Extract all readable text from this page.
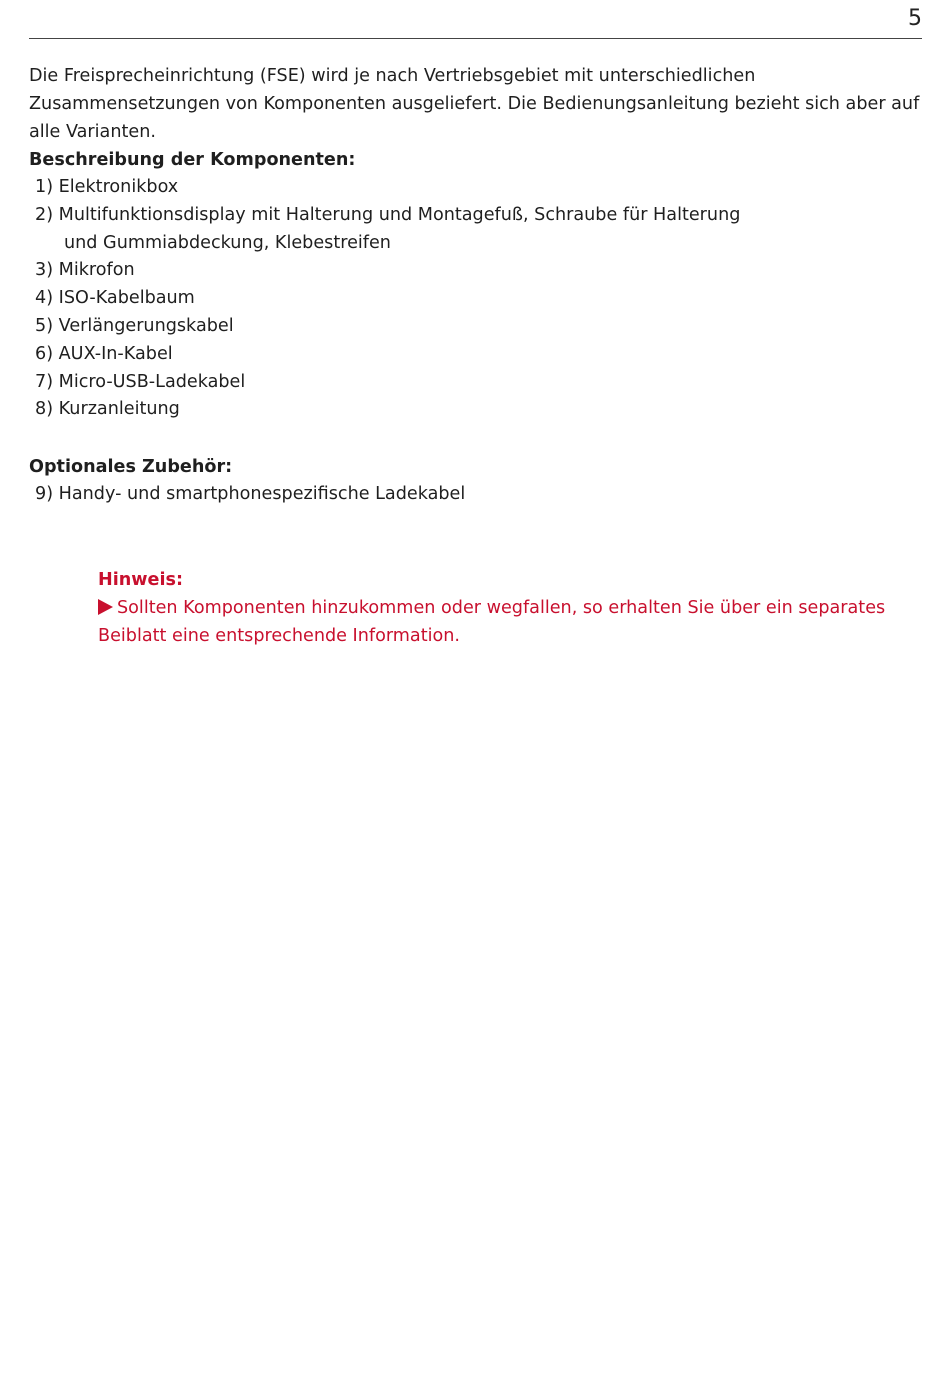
5

Die Freisprecheinrichtung (FSE) wird je nach Vertriebsgebiet mit unterschiedlichen Zusammensetzungen von Komponenten ausgeliefert. Die Bedienungsanleitung bezieht sich aber auf alle Varianten.

Beschreibung der Komponenten:

1) Elektronikbox
2) Multifunktionsdisplay mit Halterung und Montagefuß, Schraube für Halterung
und Gummiabdeckung, Klebestreifen
3) Mikrofon
4) ISO-Kabelbaum
5) Verlängerungskabel
6) AUX-In-Kabel
7) Micro-USB-Ladekabel
8) Kurzanleitung

Optionales Zubehör:

9) Handy- und smartphonespezifische Ladekabel

Hinweis:

Sollten Komponenten hinzukommen oder wegfallen, so erhalten Sie über ein separates Beiblatt eine entsprechende Information.
